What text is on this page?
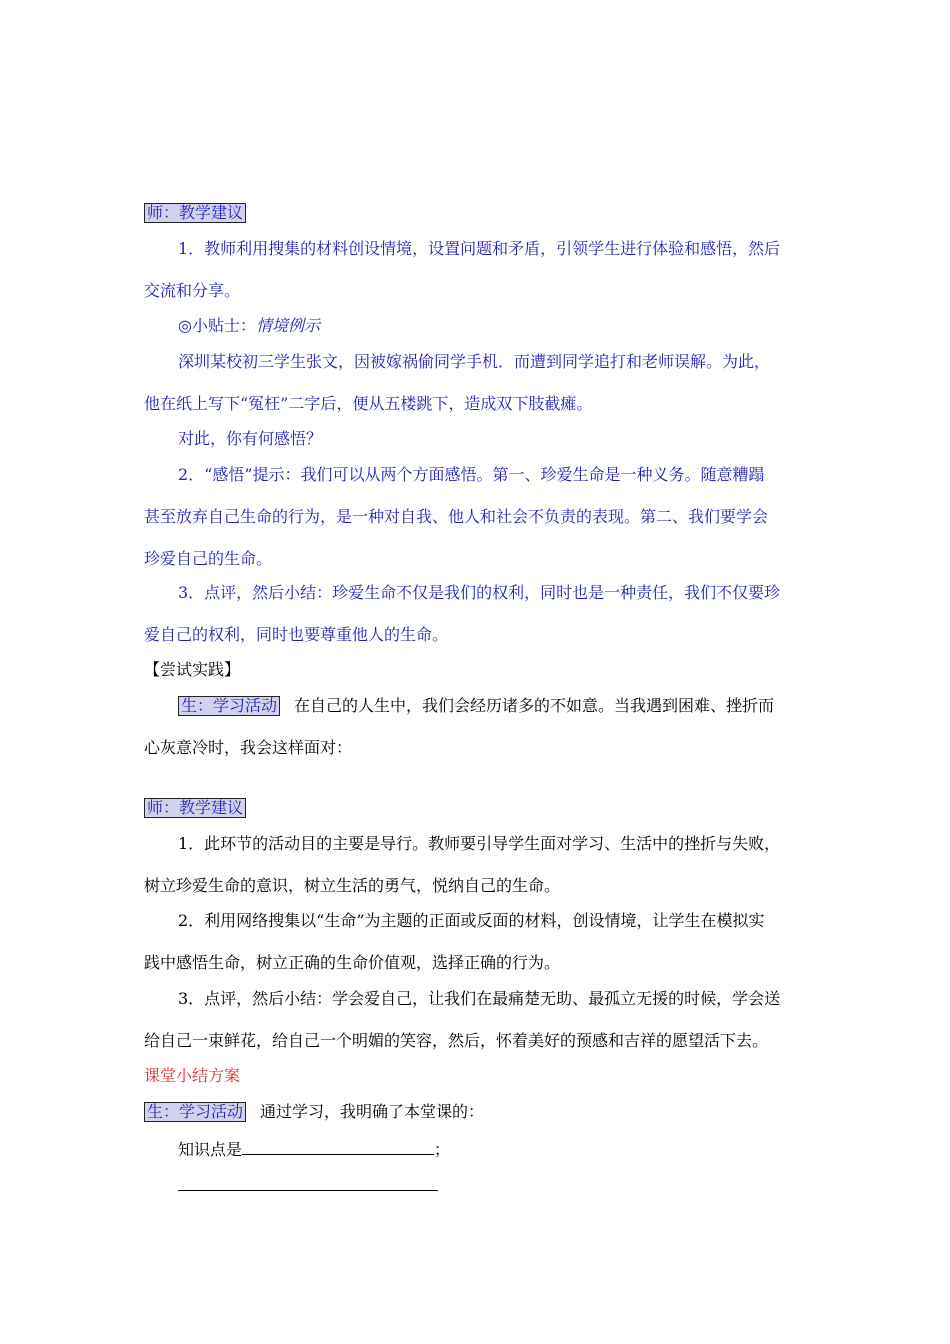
师：教学建议
1．教师利用搜集的材料创设情境，设置问题和矛盾，引领学生进行体验和感悟，然后
交流和分享。
◎小贴士：情境例示
深圳某校初三学生张文，因被嫁祸偷同学手机．而遭到同学追打和老师误解。为此，
他在纸上写下“冤枉”二字后，便从五楼跳下，造成双下肢截瘫。
对此，你有何感悟？
2．“感悟”提示：我们可以从两个方面感悟。第一、珍爱生命是一种义务。随意糟蹋
甚至放弃自己生命的行为，是一种对自我、他人和社会不负责的表现。第二、我们要学会
珍爱自己的生命。
3．点评，然后小结：珍爱生命不仅是我们的权利，同时也是一种责任，我们不仅要珍
爱自己的权利，同时也要尊重他人的生命。
【尝试实践】
生：学习活动 在自己的人生中，我们会经历诸多的不如意。当我遇到困难、挫折而
心灰意冷时，我会这样面对：
师：教学建议
1．此环节的活动目的主要是导行。教师要引导学生面对学习、生活中的挫折与失败，
树立珍爱生命的意识，树立生活的勇气，悦纳自己的生命。
2．利用网络搜集以“生命”为主题的正面或反面的材料，创设情境，让学生在模拟实
践中感悟生命，树立正确的生命价值观，选择正确的行为。
3．点评，然后小结：学会爱自己，让我们在最痛楚无助、最孤立无援的时候，学会送
给自己一束鲜花，给自己一个明媚的笑容，然后，怀着美好的预感和吉祥的愿望活下去。
课堂小结方案
生：学习活动 通过学习，我明确了本堂课的：
知识点是	；
